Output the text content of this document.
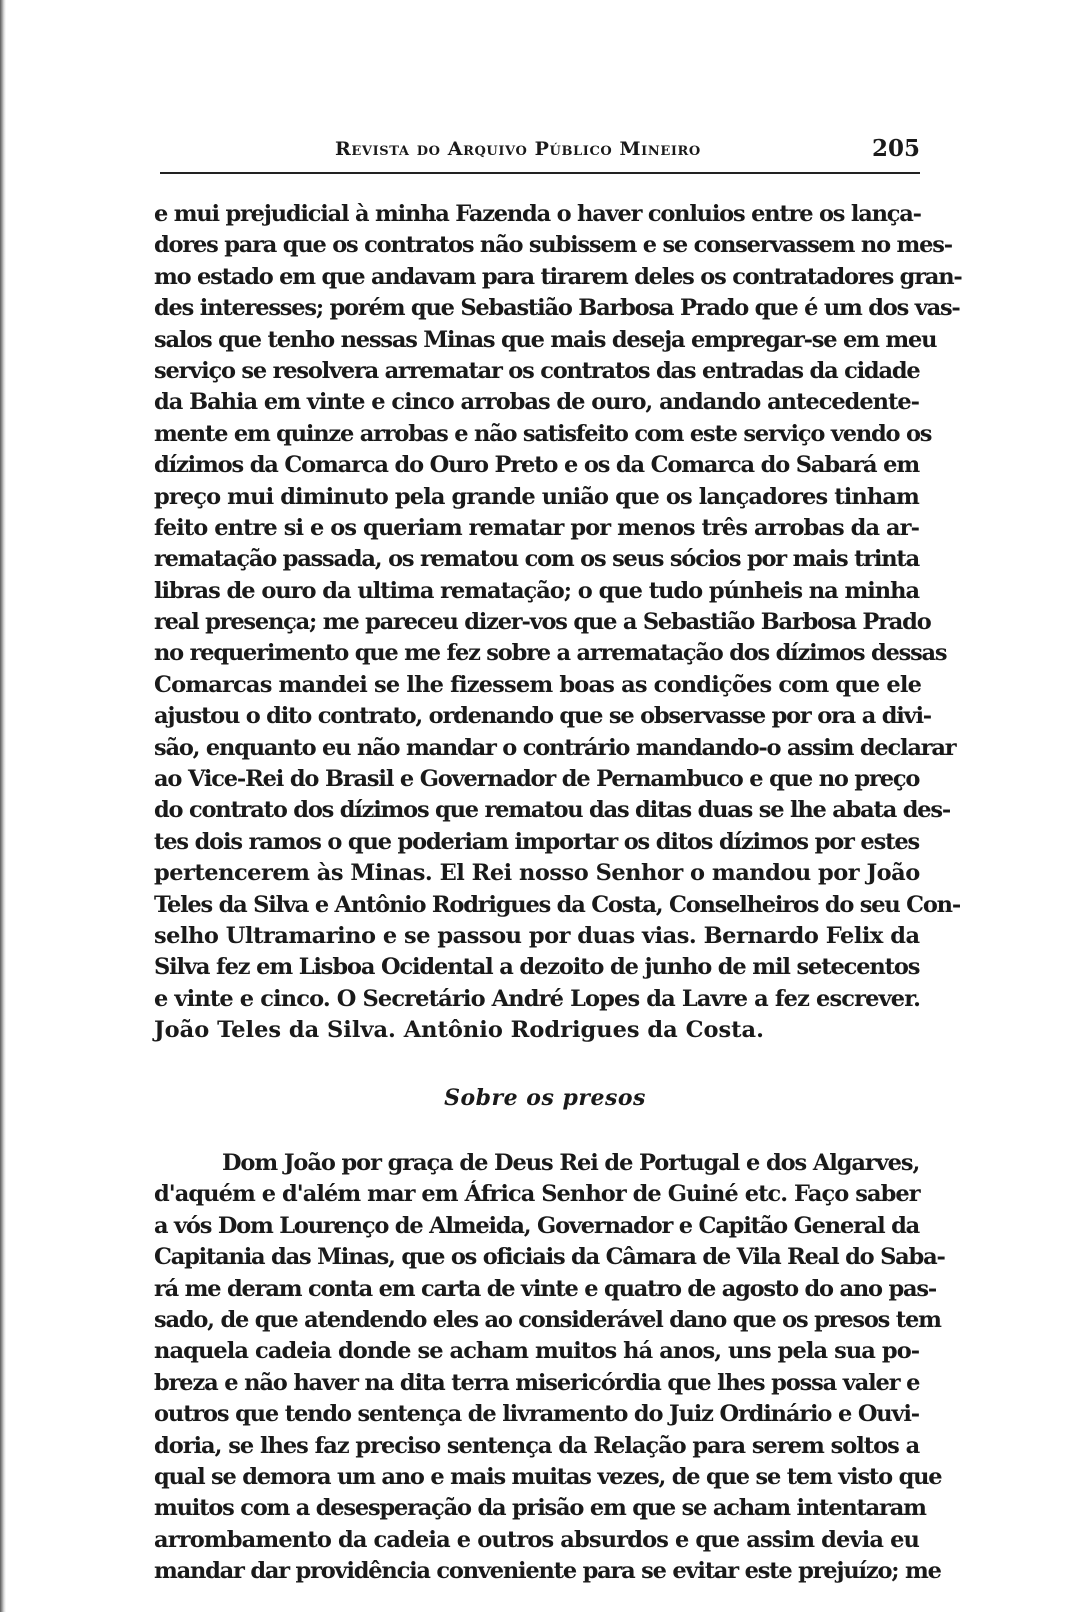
Revista do Arquivo Público Mineiro	205
e mui prejudicial à minha Fazenda o haver conluios entre os lança-
dores para que os contratos não subissem e se conservassem no mes-
mo estado em que andavam para tirarem deles os contratadores gran-
des interesses; porém que Sebastião Barbosa Prado que é um dos vas-
salos que tenho nessas Minas que mais deseja empregar-se em meu
serviço se resolvera arrematar os contratos das entradas da cidade
da Bahia em vinte e cinco arrobas de ouro, andando antecedente-
mente em quinze arrobas e não satisfeito com este serviço vendo os
dízimos da Comarca do Ouro Preto e os da Comarca do Sabará em
preço mui diminuto pela grande união que os lançadores tinham
feito entre si e os queriam rematar por menos três arrobas da ar-
rematação passada, os rematou com os seus sócios por mais trinta
libras de ouro da ultima rematação; o que tudo púnheis na minha
real presença; me pareceu dizer-vos que a Sebastião Barbosa Prado
no requerimento que me fez sobre a arrematação dos dízimos dessas
Comarcas mandei se lhe fizessem boas as condições com que ele
ajustou o dito contrato, ordenando que se observasse por ora a divi-
são, enquanto eu não mandar o contrário mandando-o assim declarar
ao Vice-Rei do Brasil e Governador de Pernambuco e que no preço
do contrato dos dízimos que rematou das ditas duas se lhe abata des-
tes dois ramos o que poderiam importar os ditos dízimos por estes
pertencerem às Minas. El Rei nosso Senhor o mandou por João
Teles da Silva e Antônio Rodrigues da Costa, Conselheiros do seu Con-
selho Ultramarino e se passou por duas vias. Bernardo Felix da
Silva fez em Lisboa Ocidental a dezoito de junho de mil setecentos
e vinte e cinco. O Secretário André Lopes da Lavre a fez escrever.
João Teles da Silva. Antônio Rodrigues da Costa.
Sobre os presos
Dom João por graça de Deus Rei de Portugal e dos Algarves,
d'aquém e d'além mar em África Senhor de Guiné etc. Faço saber
a vós Dom Lourenço de Almeida, Governador e Capitão General da
Capitania das Minas, que os oficiais da Câmara de Vila Real do Saba-
rá me deram conta em carta de vinte e quatro de agosto do ano pas-
sado, de que atendendo eles ao considerável dano que os presos tem
naquela cadeia donde se acham muitos há anos, uns pela sua po-
breza e não haver na dita terra misericórdia que lhes possa valer e
outros que tendo sentença de livramento do Juiz Ordinário e Ouvi-
doria, se lhes faz preciso sentença da Relação para serem soltos a
qual se demora um ano e mais muitas vezes, de que se tem visto que
muitos com a desesperação da prisão em que se acham intentaram
arrombamento da cadeia e outros absurdos e que assim devia eu
mandar dar providência conveniente para se evitar este prejuízo; me
